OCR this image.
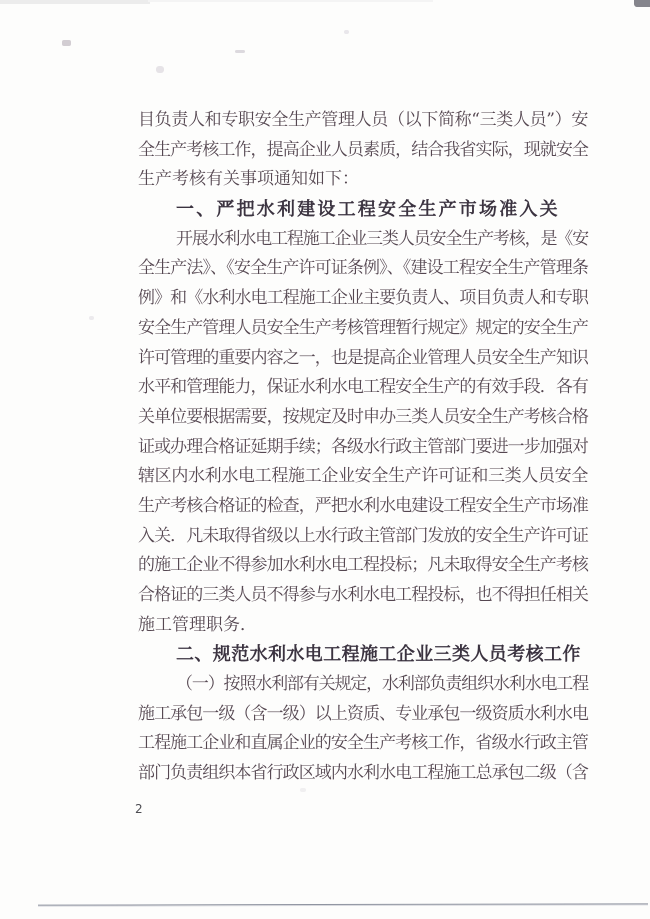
目负责人和专职安全生产管理人员（以下简称“三类人员”）安
全生产考核工作，提高企业人员素质，结合我省实际，现就安全
生产考核有关事项通知如下：
一、严把水利建设工程安全生产市场准入关
开展水利水电工程施工企业三类人员安全生产考核，是《安
全生产法》、《安全生产许可证条例》、《建设工程安全生产管理条
例》和《水利水电工程施工企业主要负责人、项目负责人和专职
安全生产管理人员安全生产考核管理暂行规定》规定的安全生产
许可管理的重要内容之一，也是提高企业管理人员安全生产知识
水平和管理能力，保证水利水电工程安全生产的有效手段．各有
关单位要根据需要，按规定及时申办三类人员安全生产考核合格
证或办理合格证延期手续；各级水行政主管部门要进一步加强对
辖区内水利水电工程施工企业安全生产许可证和三类人员安全
生产考核合格证的检查，严把水利水电建设工程安全生产市场准
入关．凡未取得省级以上水行政主管部门发放的安全生产许可证
的施工企业不得参加水利水电工程投标；凡未取得安全生产考核
合格证的三类人员不得参与水利水电工程投标，也不得担任相关
施工管理职务．
二、规范水利水电工程施工企业三类人员考核工作
（一）按照水利部有关规定，水利部负责组织水利水电工程
施工承包一级（含一级）以上资质、专业承包一级资质水利水电
工程施工企业和直属企业的安全生产考核工作，省级水行政主管
部门负责组织本省行政区域内水利水电工程施工总承包二级（含
2
